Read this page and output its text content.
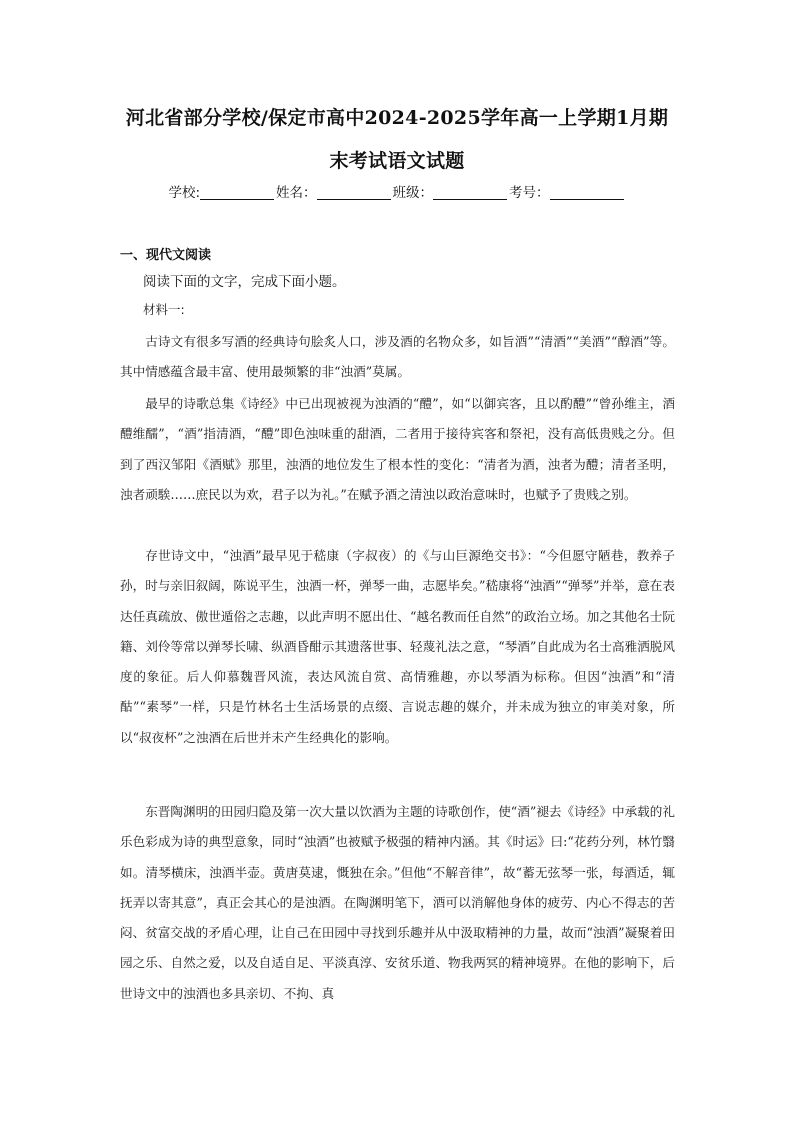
河北省部分学校/保定市高中2024-2025学年高一上学期1月期
末考试语文试题
学校:	姓名：	班级：	考号：
一、现代文阅读
阅读下面的文字，完成下面小题。
材料一:

古诗文有很多写酒的经典诗句脍炙人口，涉及酒的名物众多，如旨酒”“清酒”“美酒”“醇酒”等。其中情感蕴含最丰富、使用最频繁的非“浊酒”莫属。

最早的诗歌总集《诗经》中已出现被视为浊酒的“醴”，如“以御宾客，且以酌醴”“曾孙维主，酒醴维醹”，“酒”指清酒，“醴”即色浊味重的甜酒，二者用于接待宾客和祭祀，没有高低贵贱之分。但到了西汉邹阳《酒赋》那里，浊酒的地位发生了根本性的变化：“清者为酒，浊者为醴；清者圣明，浊者顽騃……庶民以为欢，君子以为礼。”在赋予酒之清浊以政治意味时，也赋予了贵贱之别。

存世诗文中，“浊酒”最早见于嵇康（字叔夜）的《与山巨源绝交书》：“今但愿守陋巷，教养子孙，时与亲旧叙阔，陈说平生，浊酒一杯，弹琴一曲，志愿毕矣。”嵇康将“浊酒”“弹琴”并举，意在表达任真疏放、傲世遁俗之志趣，以此声明不愿出仕、“越名教而任自然”的政治立场。加之其他名士阮籍、刘伶等常以弹琴长啸、纵酒昏酣示其遗落世事、轻蔑礼法之意，“琴酒”自此成为名士高雅洒脱风度的象征。后人仰慕魏晋风流，表达风流自赏、高情雅趣，亦以琴酒为标称。但因“浊酒”和“清酤”“素琴”一样，只是竹林名士生活场景的点缀、言说志趣的媒介，并未成为独立的审美对象，所以“叔夜杯”之浊酒在后世并未产生经典化的影响。

东晋陶渊明的田园归隐及第一次大量以饮酒为主题的诗歌创作，使“酒”褪去《诗经》中承载的礼乐色彩成为诗的典型意象，同时“浊酒”也被赋予极强的精神内涵。其《时运》曰:“花药分列，林竹翳如。清琴横床，浊酒半壶。黄唐莫逮，慨独在余。”但他“不解音律”，故“蓄无弦琴一张，每酒适，辄抚弄以寄其意”，真正会其心的是浊酒。在陶渊明笔下，酒可以消解他身体的疲劳、内心不得志的苦闷、贫富交战的矛盾心理，让自己在田园中寻找到乐趣并从中汲取精神的力量，故而“浊酒”凝聚着田园之乐、自然之爱，以及自适自足、平淡真淳、安贫乐道、物我两冥的精神境界。在他的影响下，后世诗文中的浊酒也多具亲切、不拘、真
